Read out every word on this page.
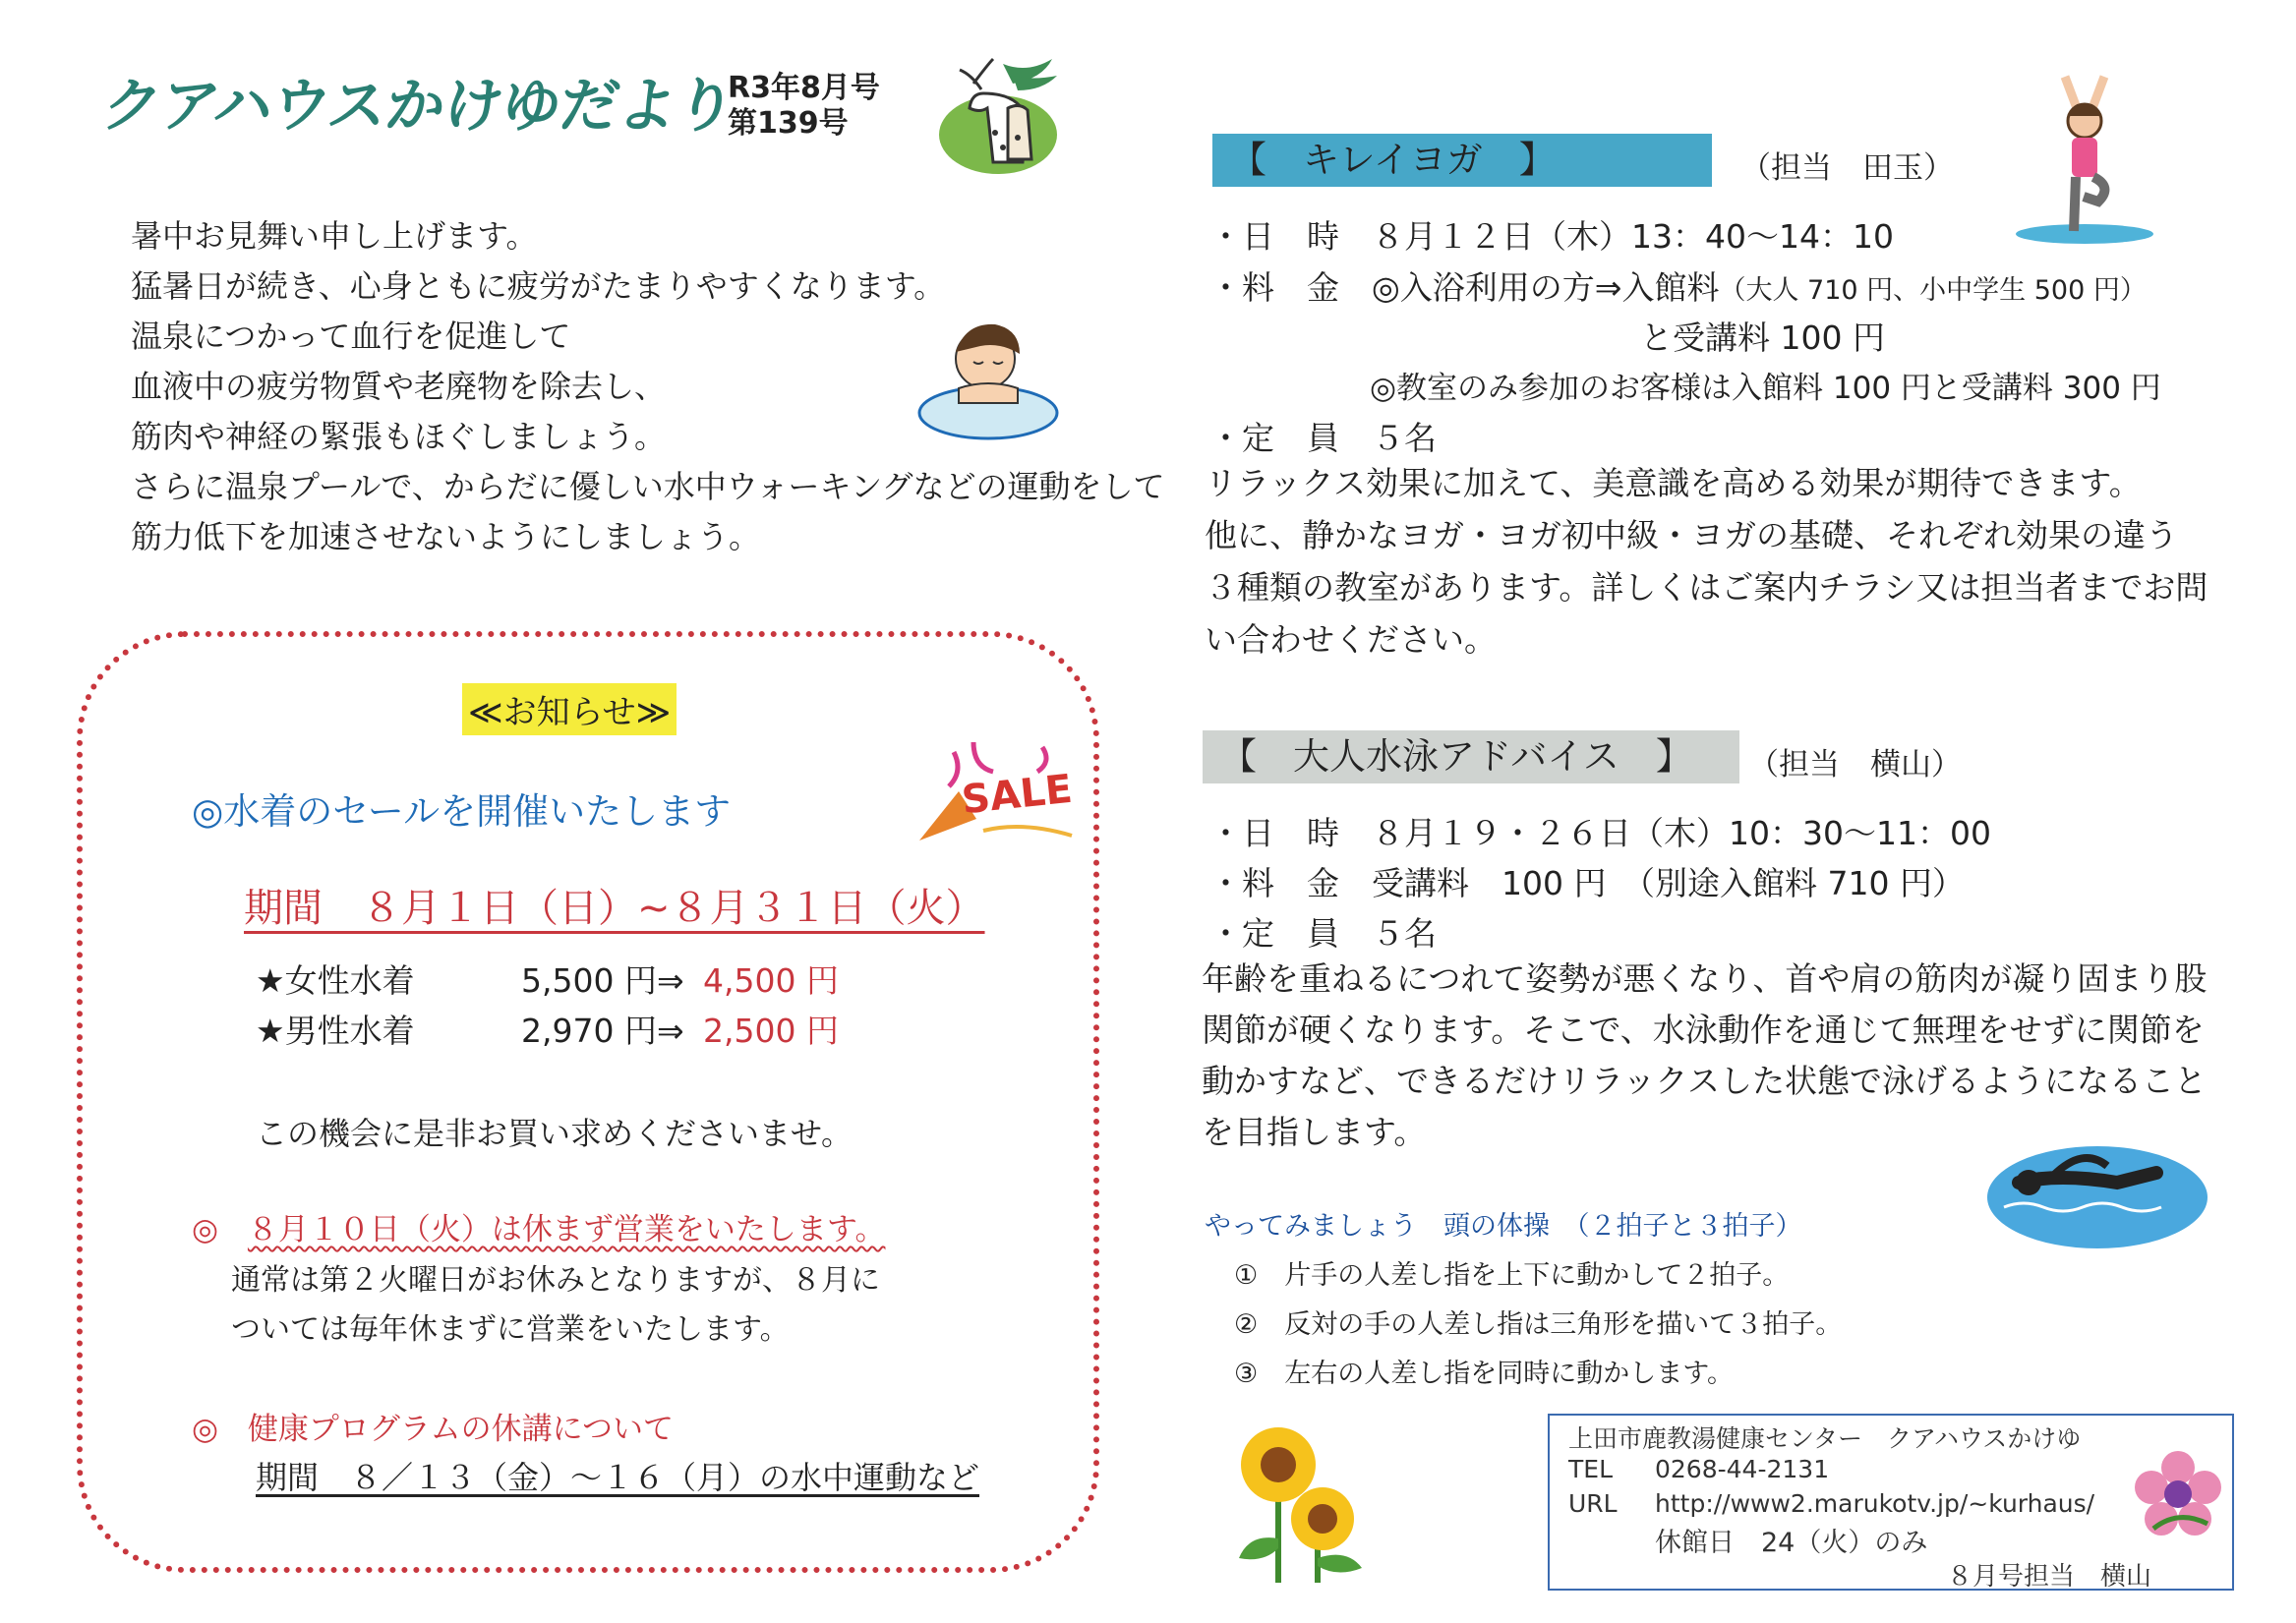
クアハウスかけゆだより
R3年8月号
第139号
暑中お見舞い申し上げます。
猛暑日が続き、心身ともに疲労がたまりやすくなります。
温泉につかって血行を促進して
血液中の疲労物質や老廃物を除去し、
筋肉や神経の緊張もほぐしましょう。
さらに温泉プールで、からだに優しい水中ウォーキングなどの運動をして
筋力低下を加速させないようにしましょう。
≪お知らせ≫
◎水着のセールを開催いたします	SALE
期間　８月１日（日）~８月３１日（火）
★女性水着	5,500 円⇒ 4,500 円
★男性水着	2,970 円⇒ 2,500 円
この機会に是非お買い求めくださいませ。
◎ ８月１０日（火）は休まず営業をいたします。
通常は第２火曜日がお休みとなりますが、８月に
ついては毎年休まずに営業をいたします。
◎ 健康プログラムの休講について
期間　８／１３（金）～１６（月）の水中運動など
【　キレイヨガ　】	（担当　田玉）
・日　時　８月１２日（木）13：40～14：10
・料　金　◎入浴利用の方⇒入館料（大人 710 円、小中学生 500 円）
と受講料 100 円
◎教室のみ参加のお客様は入館料 100 円と受講料 300 円
・定　員　５名
リラックス効果に加えて、美意識を高める効果が期待できます。
他に、静かなヨガ・ヨガ初中級・ヨガの基礎、それぞれ効果の違う
３種類の教室があります。詳しくはご案内チラシ又は担当者までお問
い合わせください。
【　大人水泳アドバイス　】	（担当　横山）
・日　時　８月１９・２６日（木）10：30～11：00
・料　金　受講料　100 円　（別途入館料 710 円）
・定　員　５名
年齢を重ねるにつれて姿勢が悪くなり、首や肩の筋肉が凝り固まり股
関節が硬くなります。そこで、水泳動作を通じて無理をせずに関節を
動かすなど、できるだけリラックスした状態で泳げるようになること
を目指します。
やってみましょう　頭の体操　（２拍子と３拍子）
①　片手の人差し指を上下に動かして２拍子。
②　反対の手の人差し指は三角形を描いて３拍子。
③　左右の人差し指を同時に動かします。
上田市鹿教湯健康センター　クアハウスかけゆ
TEL 0268-44-2131
URL http://www2.marukotv.jp/~kurhaus/
休館日　24（火）のみ
８月号担当　横山
